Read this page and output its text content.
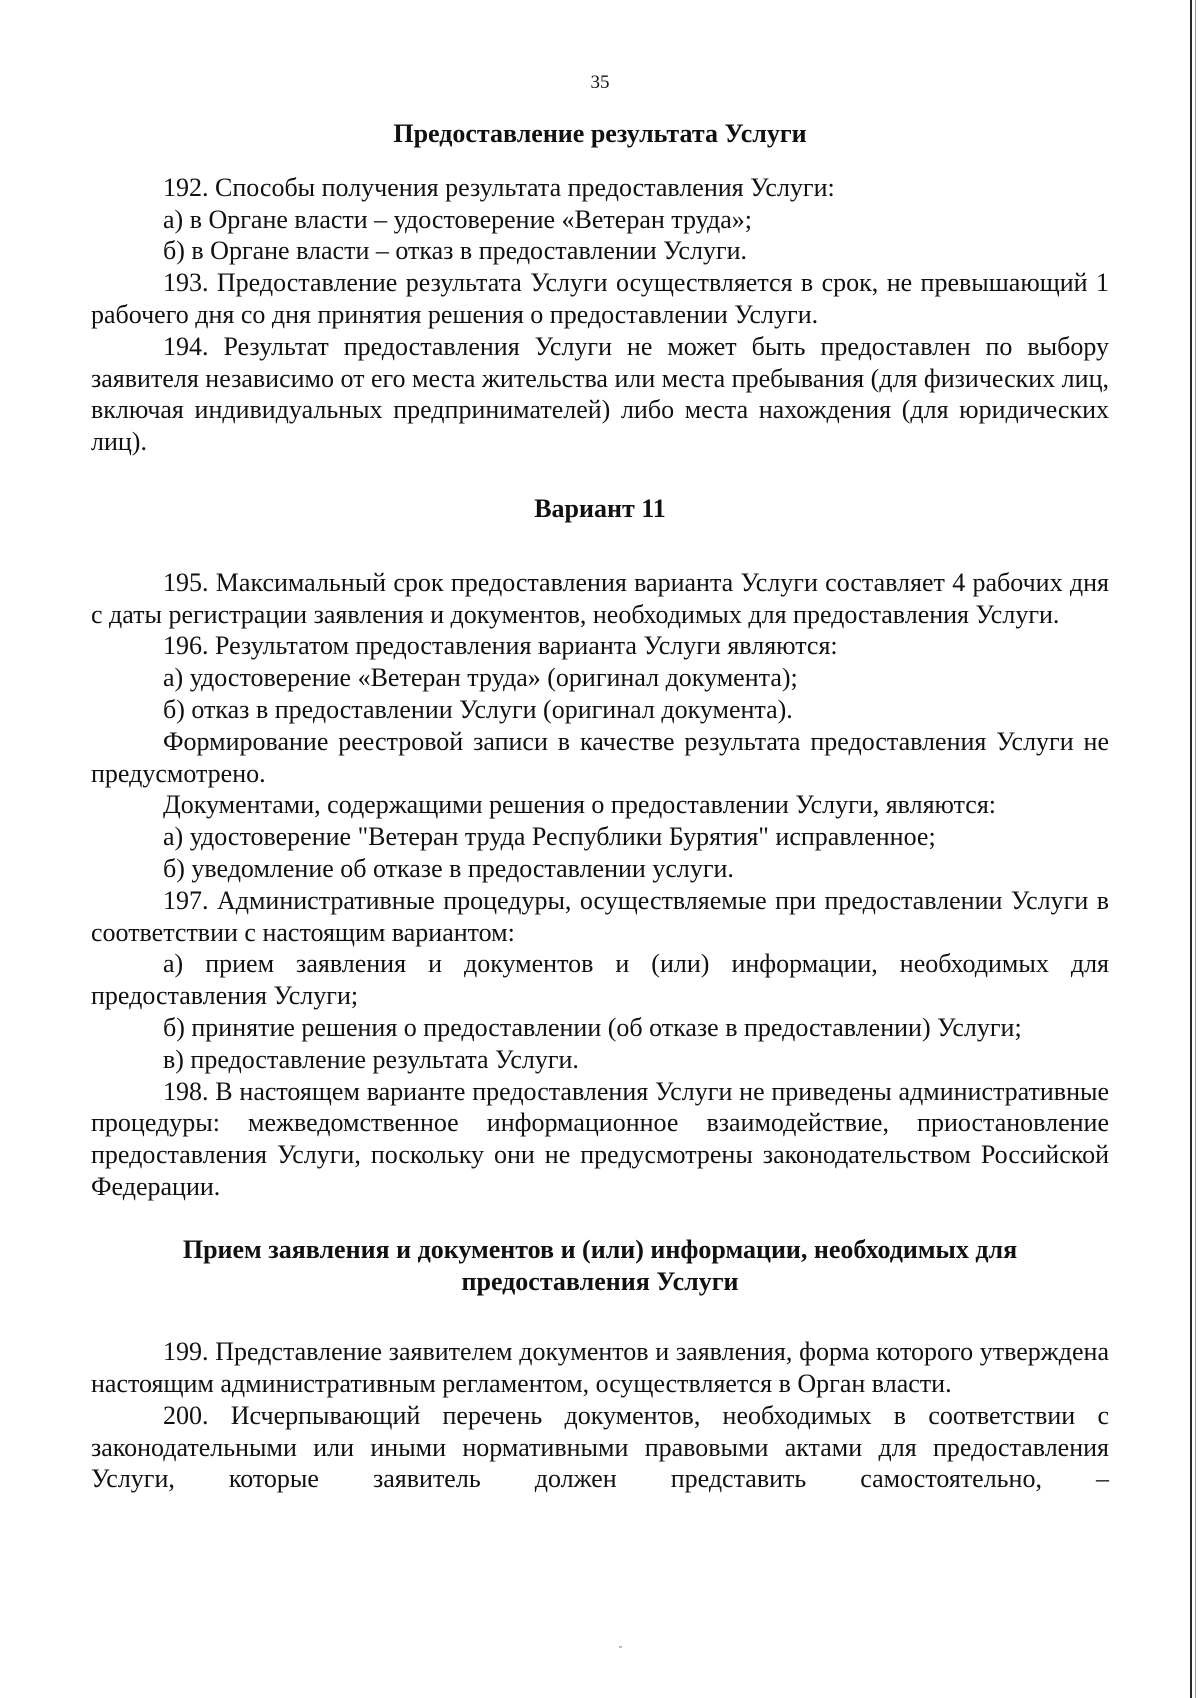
35

Предоставление результата Услуги

192. Способы получения результата предоставления Услуги:

а) в Органе власти – удостоверение «Ветеран труда»;

б) в Органе власти – отказ в предоставлении Услуги.

193. Предоставление результата Услуги осуществляется в срок, не превышающий 1 рабочего дня со дня принятия решения о предоставлении Услуги.

194. Результат предоставления Услуги не может быть предоставлен по выбору заявителя независимо от его места жительства или места пребывания (для физических лиц, включая индивидуальных предпринимателей) либо места нахождения (для юридических лиц).

Вариант 11

195. Максимальный срок предоставления варианта Услуги составляет 4 рабочих дня с даты регистрации заявления и документов, необходимых для предоставления Услуги.

196. Результатом предоставления варианта Услуги являются:

а) удостоверение «Ветеран труда» (оригинал документа);

б) отказ в предоставлении Услуги (оригинал документа).

Формирование реестровой записи в качестве результата предоставления Услуги не предусмотрено.

Документами, содержащими решения о предоставлении Услуги, являются:

а) удостоверение "Ветеран труда Республики Бурятия" исправленное;

б) уведомление об отказе в предоставлении услуги.

197. Административные процедуры, осуществляемые при предоставлении Услуги в соответствии с настоящим вариантом:

а) прием заявления и документов и (или) информации, необходимых для предоставления Услуги;

б) принятие решения о предоставлении (об отказе в предоставлении) Услуги;

в) предоставление результата Услуги.

198. В настоящем варианте предоставления Услуги не приведены административные процедуры: межведомственное информационное взаимодействие, приостановление предоставления Услуги, поскольку они не предусмотрены законодательством Российской Федерации.

Прием заявления и документов и (или) информации, необходимых для предоставления Услуги

199. Представление заявителем документов и заявления, форма которого утверждена настоящим административным регламентом, осуществляется в Орган власти.

200. Исчерпывающий перечень документов, необходимых в соответствии с законодательными или иными нормативными правовыми актами для предоставления Услуги, которые заявитель должен представить самостоятельно, –
